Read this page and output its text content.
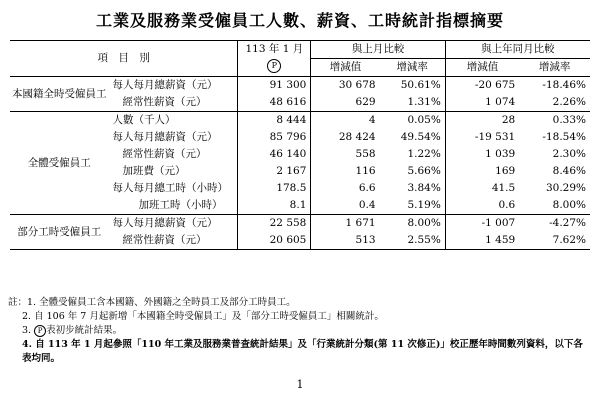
工業及服務業受僱員工人數、薪資、工時統計指標摘要
項　目　別		113 年 1 月
P	與上月比較		與上年同月比較	
			增減值	增減率	增減值	增減率
本國籍全時受僱員工	每人每月總薪資（元）	91 300	30 678	50.61%	-20 675	-18.46%
	經常性薪資（元）	48 616	629	1.31%	1 074	2.26%
全體受僱員工	人數（千人）	8 444	4	0.05%	28	0.33%
	每人每月總薪資（元）	85 796	28 424	49.54%	-19 531	-18.54%
	經常性薪資（元）	46 140	558	1.22%	1 039	2.30%
	加班費（元）	2 167	116	5.66%	169	8.46%
	每人每月總工時（小時）	178.5	6.6	3.84%	41.5	30.29%
	加班工時（小時）	8.1	0.4	5.19%	0.6	8.00%
部分工時受僱員工	每人每月總薪資（元）	22 558	1 671	8.00%	-1 007	-4.27%
	經常性薪資（元）	20 605	513	2.55%	1 459	7.62%
註： 1. 全體受僱員工含本國籍、外國籍之全時員工及部分工時員工。
2. 自 106 年 7 月起新增「本國籍全時受僱員工」及「部分工時受僱員工」相關統計。
3. P 表初步統計結果。
4. 自 113 年 1 月起參照「110 年工業及服務業普查統計結果」及「行業統計分類(第 11 次修正)」校正歷年時間數列資料，以下各表均同。
1
